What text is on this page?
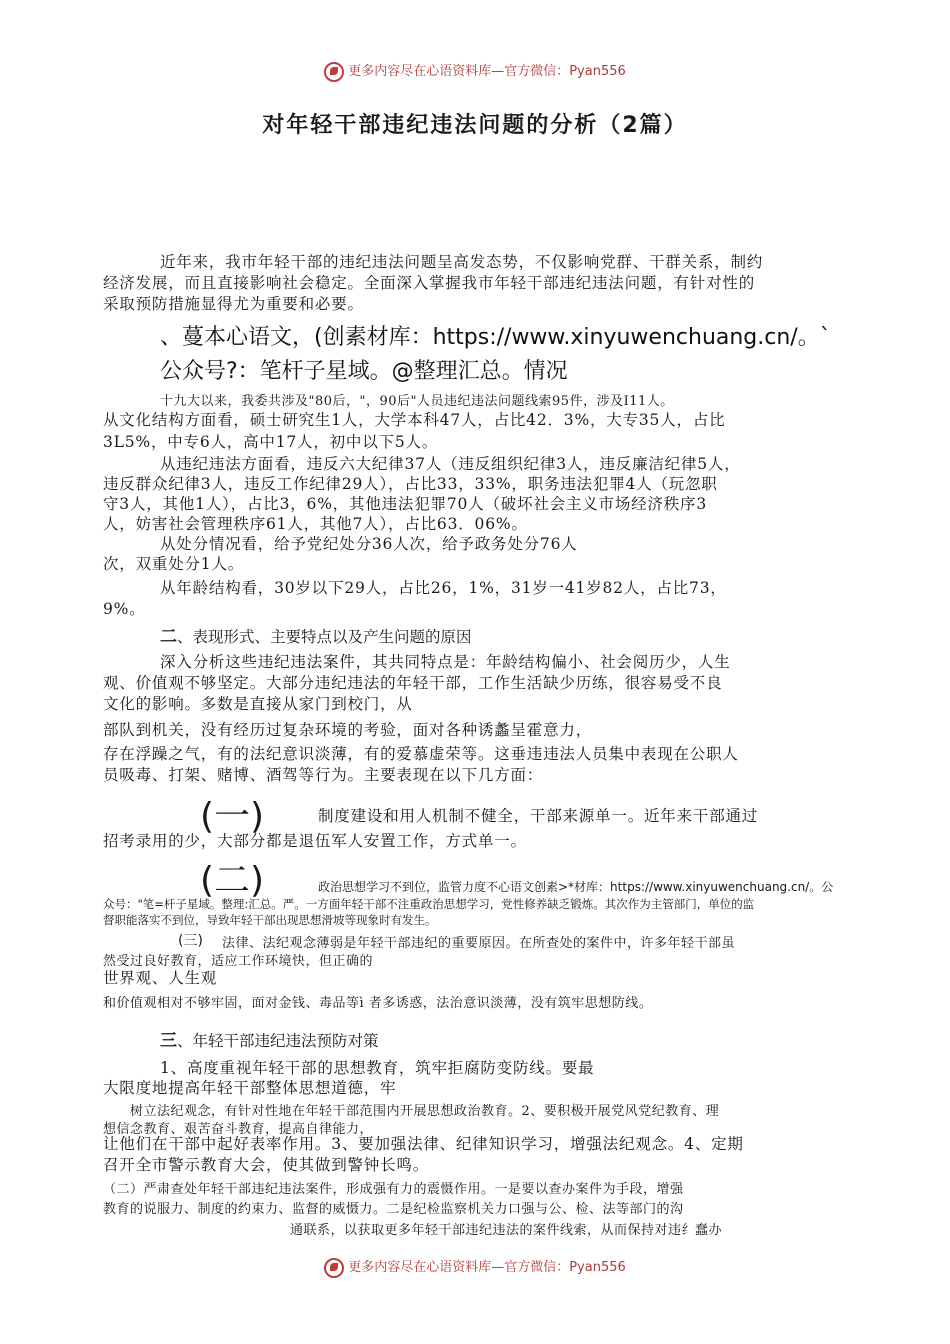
更多内容尽在心语资料库—官方微信：Pyan556
对年轻干部违纪违法问题的分析（2篇）
近年来，我市年轻干部的违纪违法问题呈高发态势，不仅影响党群、干群关系，制约
经济发展，而且直接影响社会稳定。全面深入掌握我市年轻干部违纪违法问题，有针对性的
采取预防措施显得尤为重要和必要。
、蔓本心语文，(创素材库：https://www.xinyuwenchuang.cn/。`
公众号?：笔杆子星域。@整理汇总。情况
十九大以来，我委共涉及"80后，"，90后"人员违纪违法问题线索95件，涉及I11人。
从文化结构方面看，硕士研究生1人，大学本科47人，占比42．3%，大专35人，占比
3L5%，中专6人，高中17人，初中以下5人。
从违纪违法方面看，违反六大纪律37人（违反组织纪律3人，违反廉洁纪律5人，
违反群众纪律3人，违反工作纪律29人），占比33，33%，职务违法犯罪4人（玩忽职
守3人，其他1人），占比3，6%，其他违法犯罪70人（破坏社会主义市场经济秩序3
人，妨害社会管理秩序61人，其他7人），占比63．06%。
从处分情况看，给予党纪处分36人次，给予政务处分76人
次，双重处分1人。
从年龄结构看，30岁以下29人，占比26，1%，31岁一41岁82人，占比73，
9%。
二、表现形式、主要特点以及产生问题的原因
深入分析这些违纪违法案件，其共同特点是：年龄结构偏小、社会阅历少，人生
观、价值观不够坚定。大部分违纪违法的年轻干部，工作生活缺少历练，很容易受不良
文化的影响。多数是直接从家门到校门，从
部队到机关，没有经历过复杂环境的考验，面对各种诱蠡呈霍意力，
存在浮躁之气，有的法纪意识淡薄，有的爱慕虚荣等。这垂违违法人员集中表现在公职人
员吸毒、打架、赌博、酒驾等行为。主要表现在以下几方面：
(一)	制度建设和用人机制不健全，干部来源单一。近年来干部通过
招考录用的少，大部分都是退伍军人安置工作，方式单一。
(二)	政治思想学习不到位，监管力度不心语文创素>*材库：https://www.xinyuwenchuang.cn/。公
众号："笔=杆子星域。整理:汇总。严。一方面年轻干部不注重政治思想学习，党性修养缺乏锻炼。其次作为主管部门，单位的监
督职能落实不到位，导致年轻干部出现思想滑坡等现象时有发生。
(三) 法律、法纪观念薄弱是年轻干部违纪的重要原因。在所查处的案件中，许多年轻干部虽
然受过良好教育，适应工作环境快，但正确的
世界观、人生观
和价值观相对不够牢固，面对金钱、毒品等ì 者多诱惑，法治意识淡薄，没有筑牢思想防线。
三、年轻干部违纪违法预防对策
1、高度重视年轻干部的思想教育，筑牢拒腐防变防线。要最
大限度地提高年轻干部整体思想道德，牢
树立法纪观念，有针对性地在年轻干部范围内开展思想政治教育。2、要积极开展党风党纪教育、理
想信念教育、艰苦奋斗教育，提高自律能力，
让他们在干部中起好表率作用。3、要加强法律、纪律知识学习，增强法纪观念。4、定期
召开全市警示教育大会，使其做到警钟长鸣。
（二）严肃查处年轻干部违纪违法案件，形成强有力的震慑作用。一是要以查办案件为手段，增强
教育的说服力、制度的约束力、监督的威慑力。二是纪检监察机关力口强与公、检、法等部门的沟
通联系，以获取更多年轻干部违纪违法的案件线索，从而保持对违纟蠢办
更多内容尽在心语资料库—官方微信：Pyan556
